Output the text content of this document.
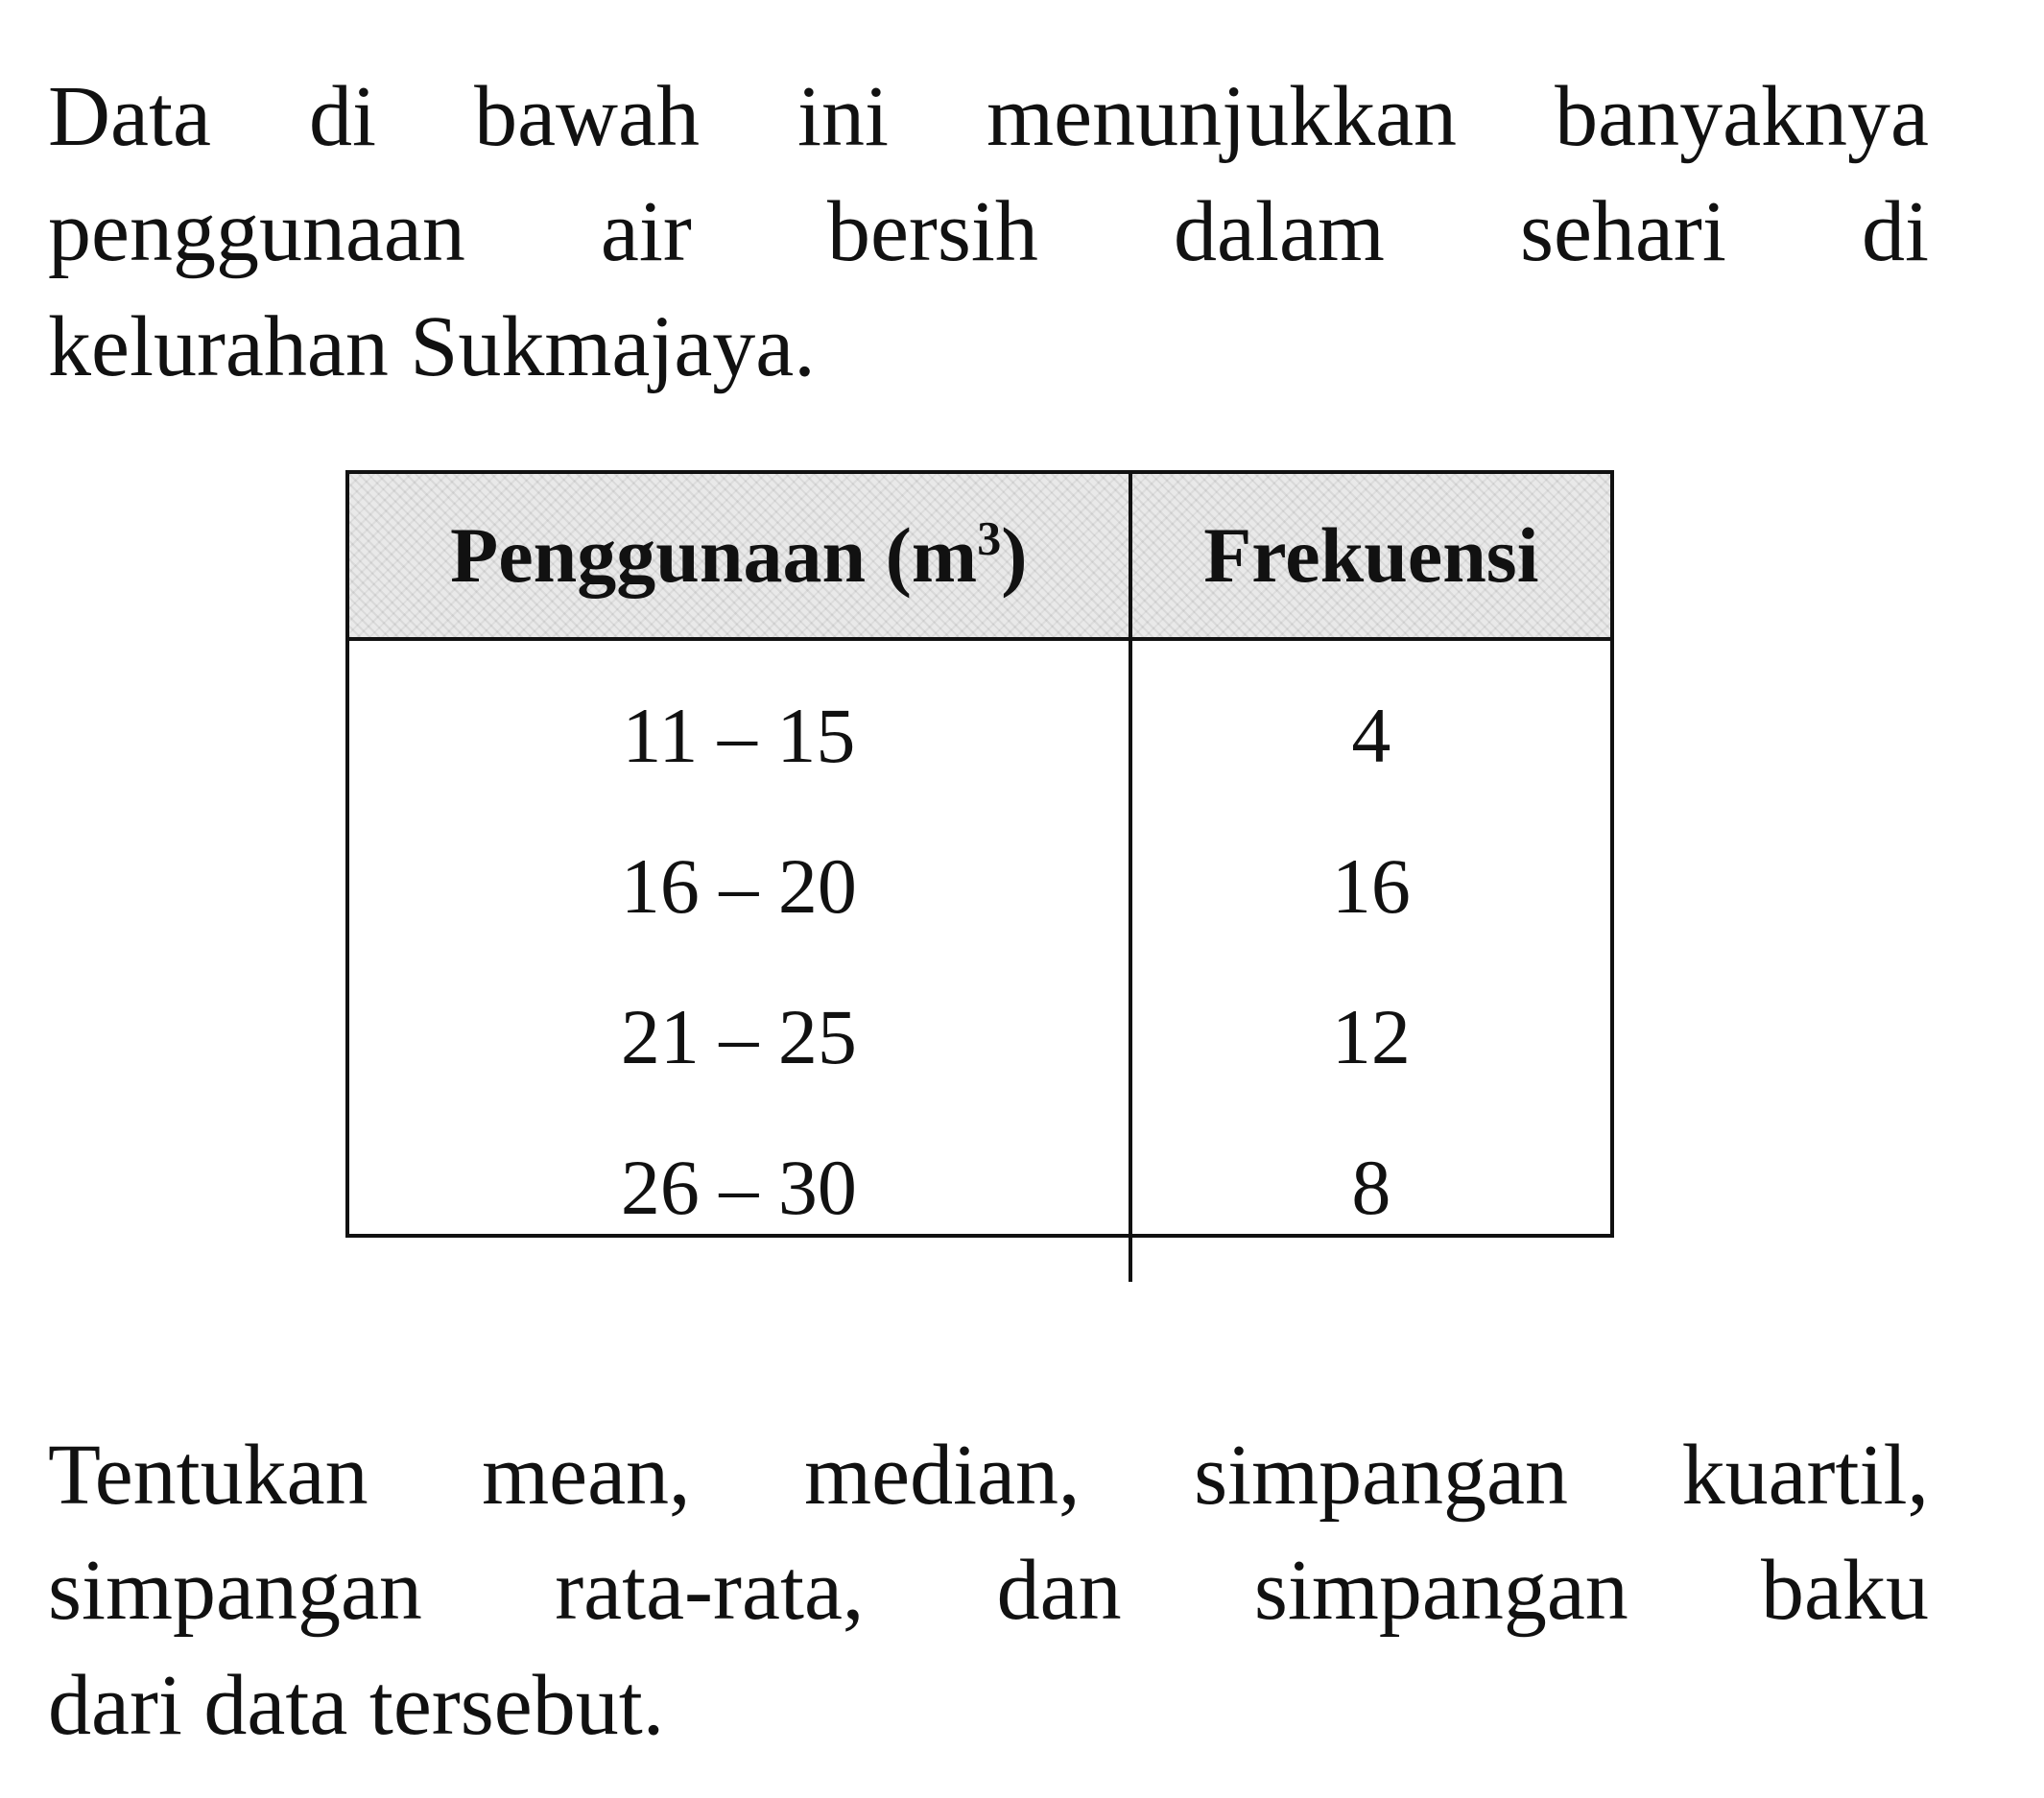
Data di bawah ini menunjukkan banyaknya
penggunaan air bersih dalam sehari di
kelurahan Sukmajaya.
Penggunaan $(m^3)$	Frekuensi
11 – 15	4
16 – 20	16
21 – 25	12
26 – 30	8
Tentukan mean, median, simpangan kuartil,
simpangan rata-rata, dan simpangan baku
dari data tersebut.
